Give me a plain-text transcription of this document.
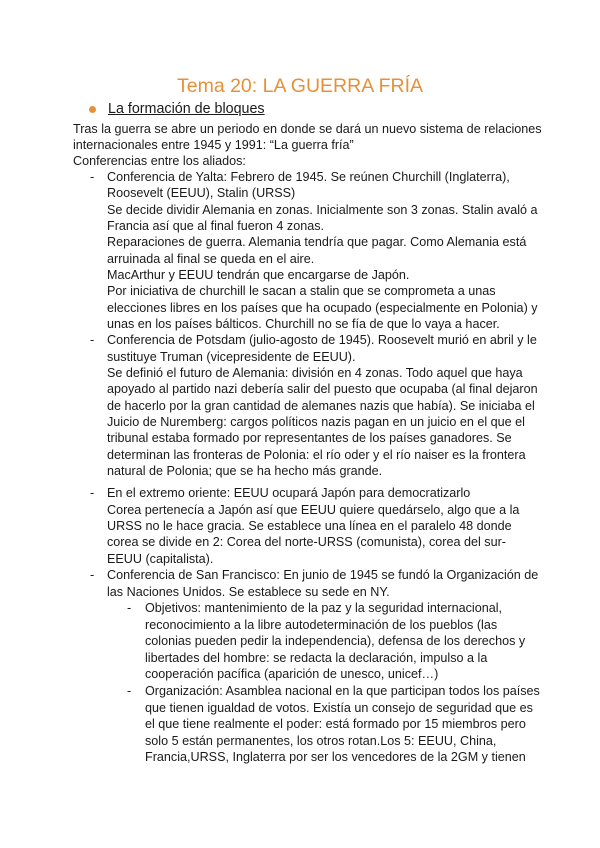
Tema 20: LA GUERRA FRÍA
La formación de bloques
Tras la guerra se abre un periodo en donde se dará un nuevo sistema de relaciones
internacionales entre 1945 y 1991: “La guerra fría”
Conferencias entre los aliados:
- Conferencia de Yalta: Febrero de 1945. Se reúnen Churchill (Inglaterra),
Roosevelt (EEUU), Stalin (URSS)
Se decide dividir Alemania en zonas. Inicialmente son 3 zonas. Stalin avaló a
Francia así que al final fueron 4 zonas.
Reparaciones de guerra. Alemania tendría que pagar. Como Alemania está
arruinada al final se queda en el aire.
MacArthur y EEUU tendrán que encargarse de Japón.
Por iniciativa de churchill le sacan a stalin que se comprometa a unas
elecciones libres en los países que ha ocupado (especialmente en Polonia) y
unas en los países bálticos. Churchill no se fía de que lo vaya a hacer.
- Conferencia de Potsdam (julio-agosto de 1945). Roosevelt murió en abril y le
sustituye Truman (vicepresidente de EEUU).
Se definió el futuro de Alemania: división en 4 zonas. Todo aquel que haya
apoyado al partido nazi debería salir del puesto que ocupaba (al final dejaron
de hacerlo por la gran cantidad de alemanes nazis que había). Se iniciaba el
Juicio de Nuremberg: cargos políticos nazis pagan en un juicio en el que el
tribunal estaba formado por representantes de los países ganadores. Se
determinan las fronteras de Polonia: el río oder y el río naiser es la frontera
natural de Polonia; que se ha hecho más grande.
- En el extremo oriente: EEUU ocupará Japón para democratizarlo
Corea pertenecía a Japón así que EEUU quiere quedárselo, algo que a la
URSS no le hace gracia. Se establece una línea en el paralelo 48 donde
corea se divide en 2: Corea del norte-URSS (comunista), corea del sur-
EEUU (capitalista).
- Conferencia de San Francisco: En junio de 1945 se fundó la Organización de
las Naciones Unidos. Se establece su sede en NY.
- Objetivos: mantenimiento de la paz y la seguridad internacional,
reconocimiento a la libre autodeterminación de los pueblos (las
colonias pueden pedir la independencia), defensa de los derechos y
libertades del hombre: se redacta la declaración, impulso a la
cooperación pacífica (aparición de unesco, unicef…)
- Organización: Asamblea nacional en la que participan todos los países
que tienen igualdad de votos. Existía un consejo de seguridad que es
el que tiene realmente el poder: está formado por 15 miembros pero
solo 5 están permanentes, los otros rotan.Los 5: EEUU, China,
Francia,URSS, Inglaterra por ser los vencedores de la 2GM y tienen
